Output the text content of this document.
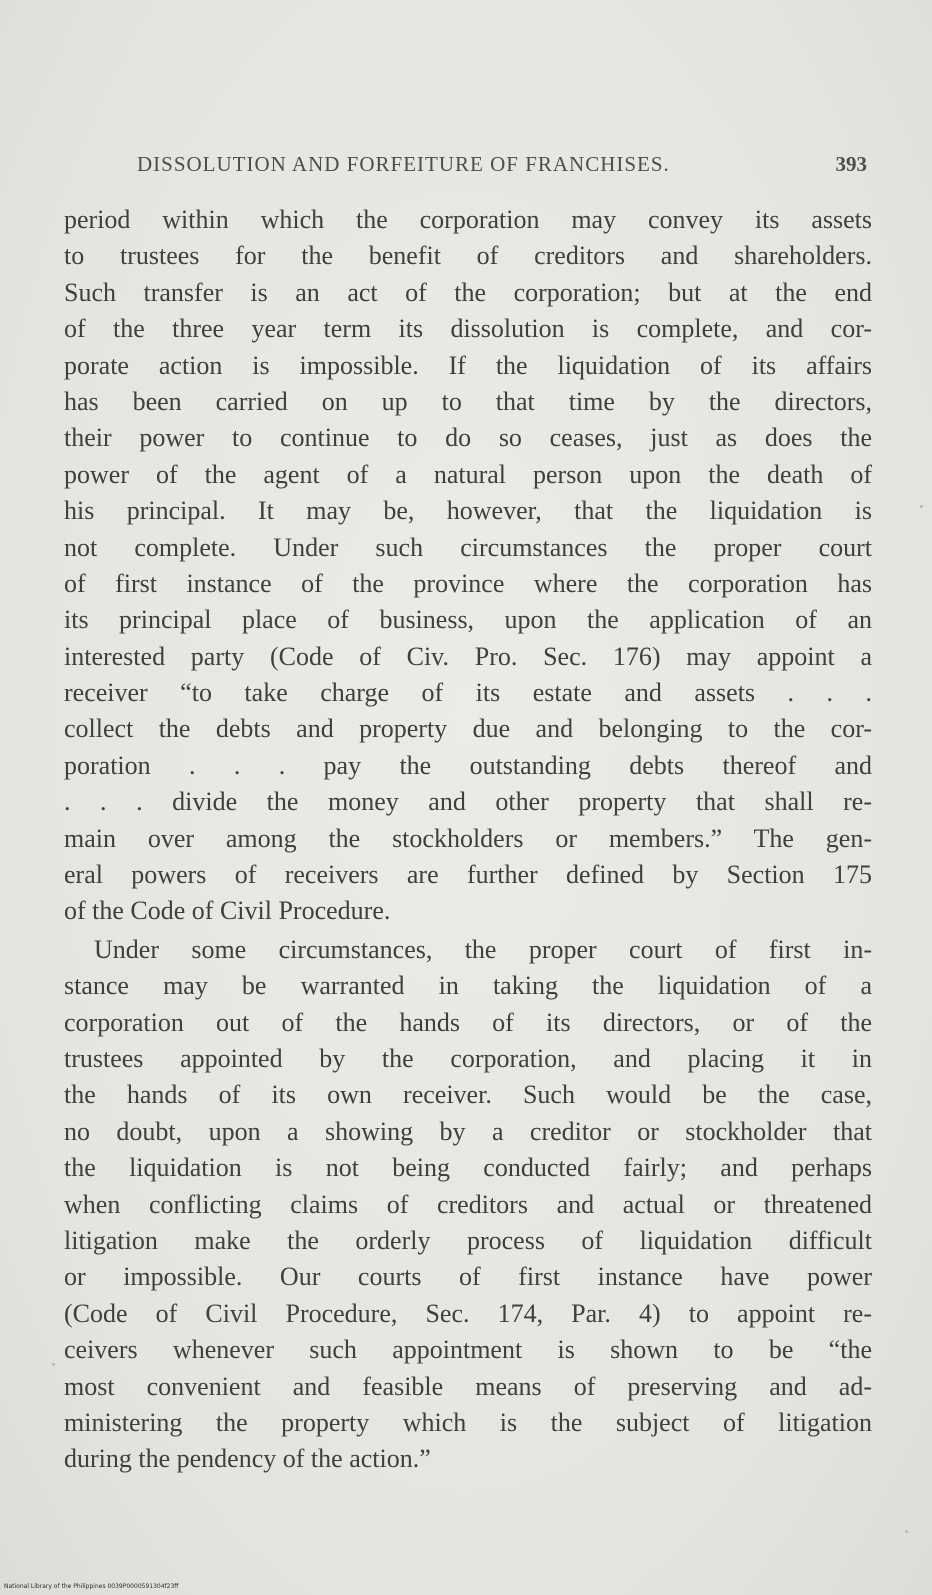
DISSOLUTION AND FORFEITURE OF FRANCHISES.	393
period within which the corporation may convey its assets
to trustees for the benefit of creditors and shareholders.
Such transfer is an act of the corporation; but at the end
of the three year term its dissolution is complete, and cor-
porate action is impossible. If the liquidation of its affairs
has been carried on up to that time by the directors,
their power to continue to do so ceases, just as does the
power of the agent of a natural person upon the death of
his principal. It may be, however, that the liquidation is
not complete. Under such circumstances the proper court
of first instance of the province where the corporation has
its principal place of business, upon the application of an
interested party (Code of Civ. Pro. Sec. 176) may appoint a
receiver “to take charge of its estate and assets . . .
collect the debts and property due and belonging to the cor-
poration . . . pay the outstanding debts thereof and
. . . divide the money and other property that shall re-
main over among the stockholders or members.” The gen-
eral powers of receivers are further defined by Section 175
of the Code of Civil Procedure.
Under some circumstances, the proper court of first in-
stance may be warranted in taking the liquidation of a
corporation out of the hands of its directors, or of the
trustees appointed by the corporation, and placing it in
the hands of its own receiver. Such would be the case,
no doubt, upon a showing by a creditor or stockholder that
the liquidation is not being conducted fairly; and perhaps
when conflicting claims of creditors and actual or threatened
litigation make the orderly process of liquidation difficult
or impossible. Our courts of first instance have power
(Code of Civil Procedure, Sec. 174, Par. 4) to appoint re-
ceivers whenever such appointment is shown to be “the
most convenient and feasible means of preserving and ad-
ministering the property which is the subject of litigation
during the pendency of the action.”
National Library of the Philippines 0039P0000591304f23ff
